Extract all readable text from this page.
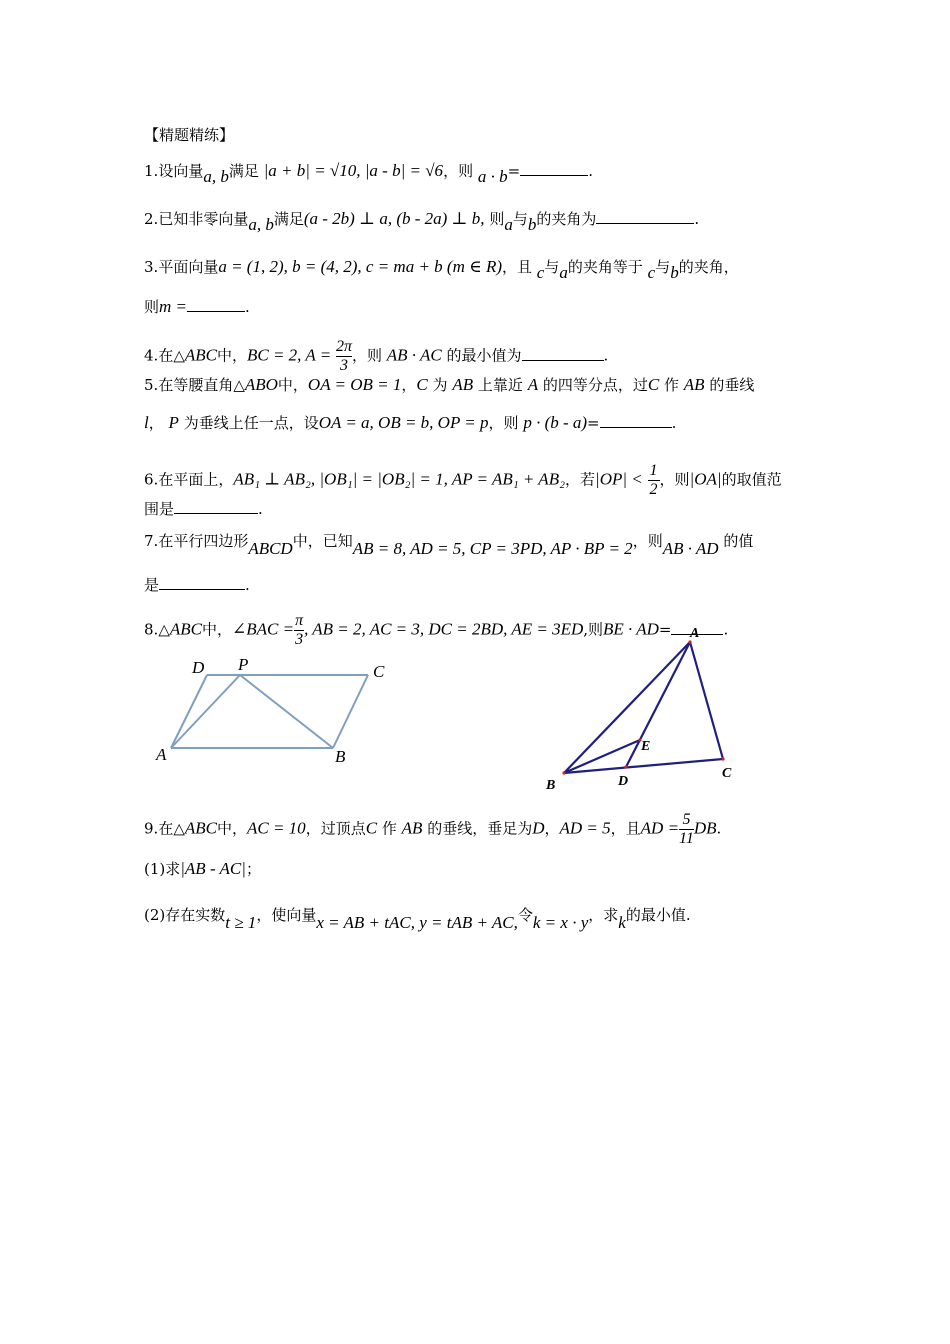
【精题精练】
1.设向量a, b满足 |a + b| = √10, |a - b| = √6，则 a · b=	.
2.已知非零向量a, b满足(a - 2b) ⊥ a, (b - 2a) ⊥ b, 则a与b的夹角为	.
3.平面向量a = (1, 2), b = (4, 2), c = ma + b (m ∈ R)，且 c与a的夹角等于 c与b的夹角，
则m =	.
4.在△ABC中，BC = 2, $A = \frac{2\pi}{3}$ ，则 AB · AC 的最小值为	.
5.在等腰直角△ABO中，OA = OB = 1，C 为 AB 上靠近 A 的四等分点，过C 作 AB 的垂线
l， P 为垂线上任一点，设OA = a, OB = b, OP = p，则 p · (b - a)=	.
6.在平面上，AB₁ ⊥ AB₂, |OB₁| = |OB₂| = 1, AP = AB₁ + AB₂，若$|OP| < \frac{1}{2}$ ，则|OA|的取值范
围是	.
7.在平行四边形ABCD中，已知AB = 8, AD = 5, CP = 3PD, AP · BP = 2，则AB · AD 的值
是	.
8.△ABC中，∠BAC = $\frac{\pi}{3}$ , AB = 2, AC = 3, DC = 2BD, AE = 3ED,则BE · AD=	.
D P	C
A	B
A
E
B	D
C
9.在△ABC中，AC = 10，过顶点C 作 AB 的垂线，垂足为D，AD = 5，且AD = $\frac{5}{11}$ DB.
(1)求|AB - AC|；
(2)存在实数t ≥ 1，使向量x = AB + tAC, y = tAB + AC,令k = x · y，求k的最小值.
